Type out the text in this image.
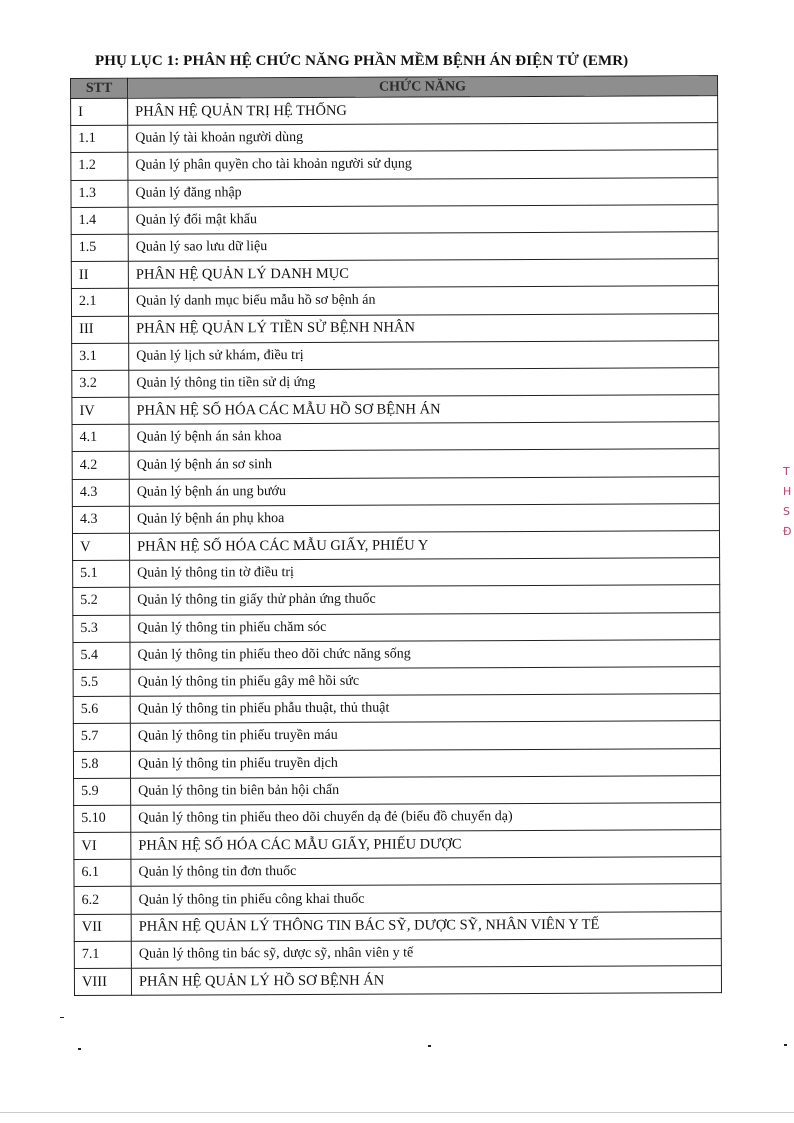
PHỤ LỤC 1: PHÂN HỆ CHỨC NĂNG PHẦN MỀM BỆNH ÁN ĐIỆN TỬ (EMR)
STT	CHỨC NĂNG
I	PHÂN HỆ QUẢN TRỊ HỆ THỐNG
1.1	Quản lý tài khoản người dùng
1.2	Quản lý phân quyền cho tài khoản người sử dụng
1.3	Quản lý đăng nhập
1.4	Quản lý đổi mật khẩu
1.5	Quản lý sao lưu dữ liệu
II	PHÂN HỆ QUẢN LÝ DANH MỤC
2.1	Quản lý danh mục biểu mẫu hồ sơ bệnh án
III	PHÂN HỆ QUẢN LÝ TIỀN SỬ BỆNH NHÂN
3.1	Quản lý lịch sử khám, điều trị
3.2	Quản lý thông tin tiền sử dị ứng
IV	PHÂN HỆ SỐ HÓA CÁC MẪU HỒ SƠ BỆNH ÁN
4.1	Quản lý bệnh án sản khoa
4.2	Quản lý bệnh án sơ sinh
4.3	Quản lý bệnh án ung bướu
4.3	Quản lý bệnh án phụ khoa
V	PHÂN HỆ SỐ HÓA CÁC MẪU GIẤY, PHIẾU Y
5.1	Quản lý thông tin tờ điều trị
5.2	Quản lý thông tin giấy thử phản ứng thuốc
5.3	Quản lý thông tin phiếu chăm sóc
5.4	Quản lý thông tin phiếu theo dõi chức năng sống
5.5	Quản lý thông tin phiếu gây mê hồi sức
5.6	Quản lý thông tin phiếu phẫu thuật, thủ thuật
5.7	Quản lý thông tin phiếu truyền máu
5.8	Quản lý thông tin phiếu truyền dịch
5.9	Quản lý thông tin biên bản hội chẩn
5.10	Quản lý thông tin phiếu theo dõi chuyển dạ đẻ (biểu đồ chuyển dạ)
VI	PHÂN HỆ SỐ HÓA CÁC MẪU GIẤY, PHIẾU DƯỢC
6.1	Quản lý thông tin đơn thuốc
6.2	Quản lý thông tin phiếu công khai thuốc
VII	PHÂN HỆ QUẢN LÝ THÔNG TIN BÁC SỸ, DƯỢC SỸ, NHÂN VIÊN Y TẾ
7.1	Quản lý thông tin bác sỹ, dược sỹ, nhân viên y tế
VIII	PHÂN HỆ QUẢN LÝ HỒ SƠ BỆNH ÁN
T
H
S
Đ
